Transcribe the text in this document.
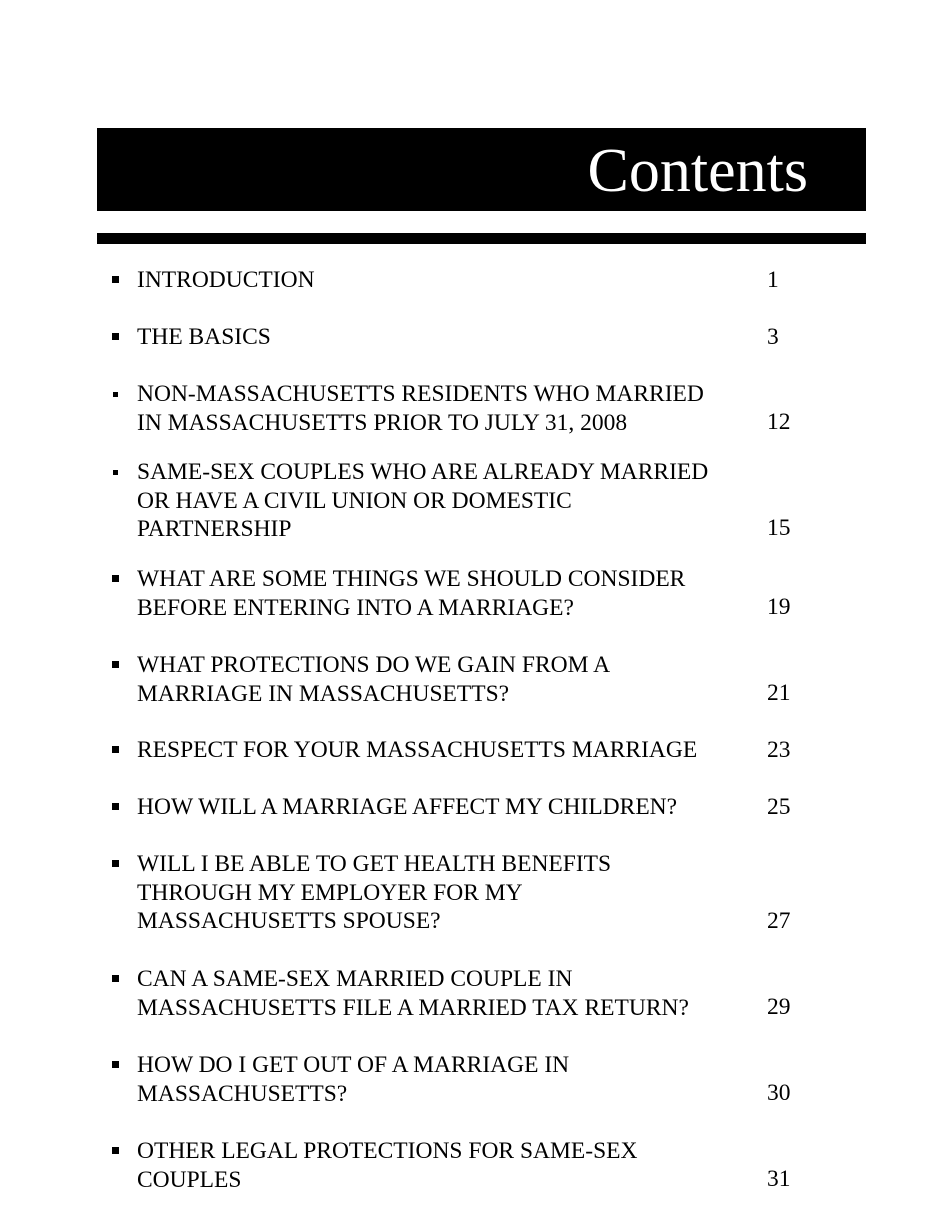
Contents
INTRODUCTION	1
THE BASICS	3
NON-MASSACHUSETTS RESIDENTS WHO MARRIED
IN MASSACHUSETTS PRIOR TO JULY 31, 2008	12
SAME-SEX COUPLES WHO ARE ALREADY MARRIED
OR HAVE A CIVIL UNION OR DOMESTIC
PARTNERSHIP	15
WHAT ARE SOME THINGS WE SHOULD CONSIDER
BEFORE ENTERING INTO A MARRIAGE?	19
WHAT PROTECTIONS DO WE GAIN FROM A
MARRIAGE IN MASSACHUSETTS?	21
RESPECT FOR YOUR MASSACHUSETTS MARRIAGE	23
HOW WILL A MARRIAGE AFFECT MY CHILDREN?	25
WILL I BE ABLE TO GET HEALTH BENEFITS
THROUGH MY EMPLOYER FOR MY
MASSACHUSETTS SPOUSE?	27
CAN A SAME-SEX MARRIED COUPLE IN
MASSACHUSETTS FILE A MARRIED TAX RETURN?	29
HOW DO I GET OUT OF A MARRIAGE IN
MASSACHUSETTS?	30
OTHER LEGAL PROTECTIONS FOR SAME-SEX
COUPLES	31
